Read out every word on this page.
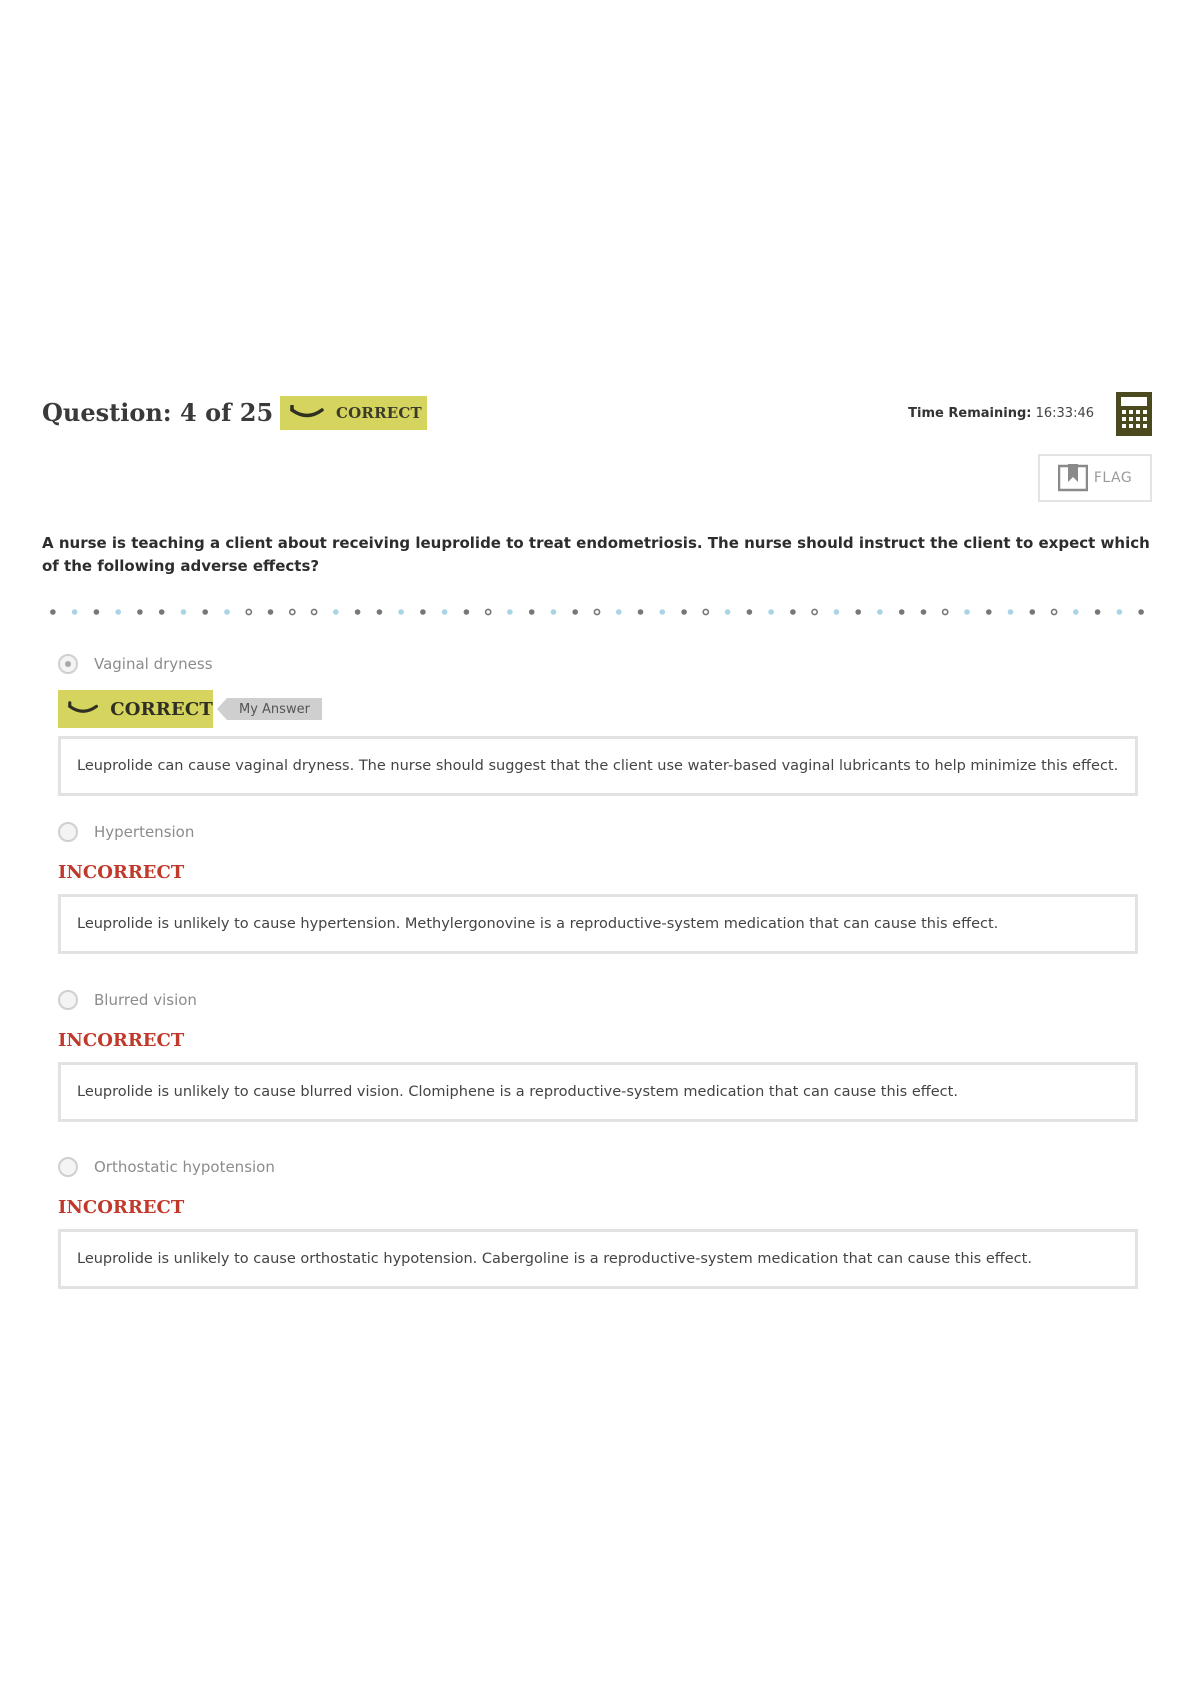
Question: 4 of 25	CORRECT	Time Remaining: 16:33:46
FLAG
A nurse is teaching a client about receiving leuprolide to treat endometriosis. The nurse should instruct the client to expect which of the following adverse effects?
Vaginal dryness
CORRECT	My Answer
Leuprolide can cause vaginal dryness. The nurse should suggest that the client use water-based vaginal lubricants to help minimize this effect.
Hypertension
INCORRECT
Leuprolide is unlikely to cause hypertension. Methylergonovine is a reproductive-system medication that can cause this effect.
Blurred vision
INCORRECT
Leuprolide is unlikely to cause blurred vision. Clomiphene is a reproductive-system medication that can cause this effect.
Orthostatic hypotension
INCORRECT
Leuprolide is unlikely to cause orthostatic hypotension. Cabergoline is a reproductive-system medication that can cause this effect.
